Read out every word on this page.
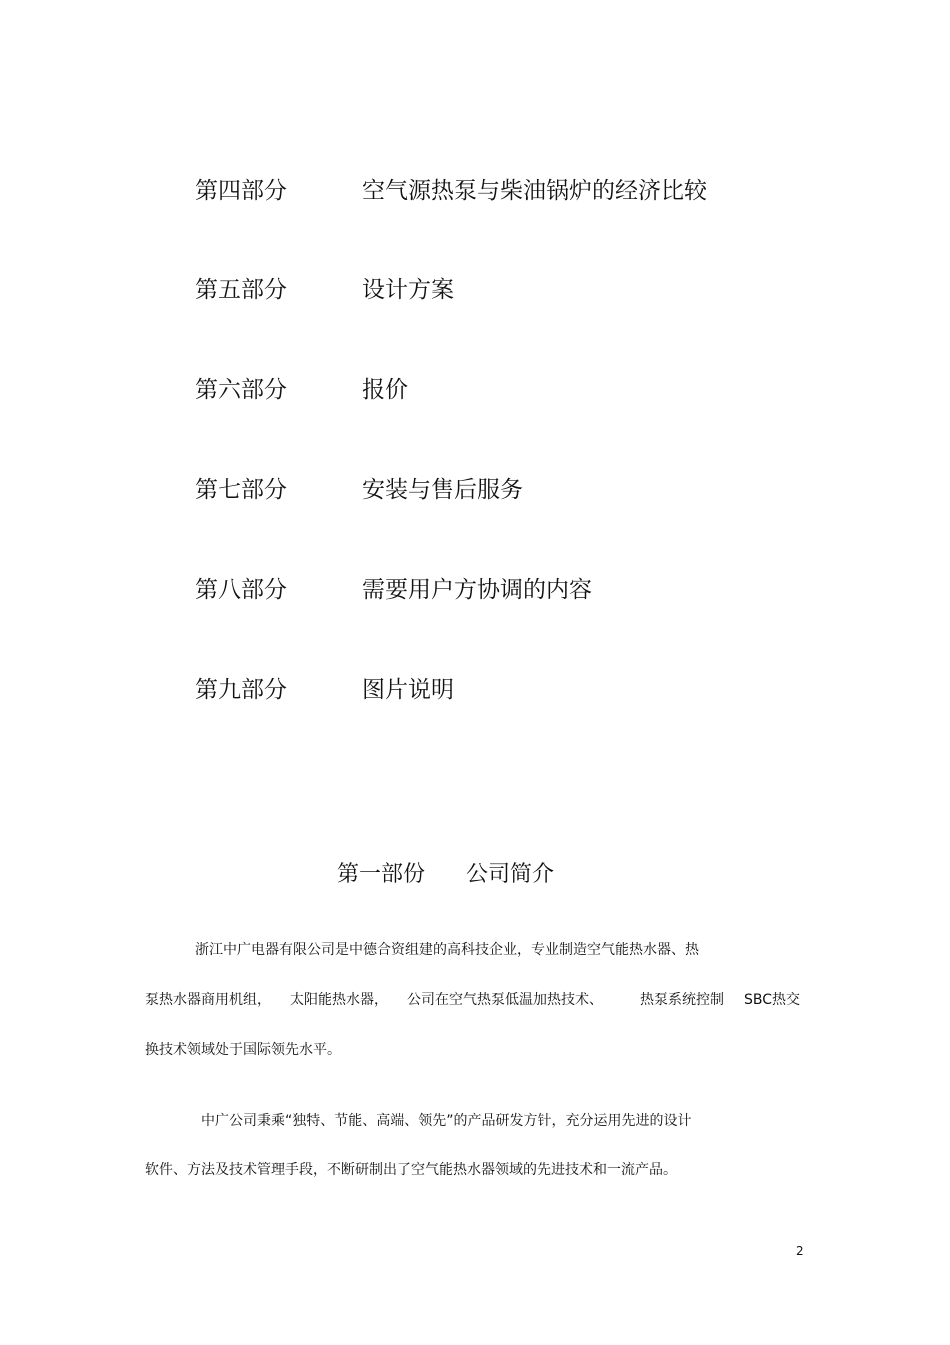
第四部分	空气源热泵与柴油锅炉的经济比较
第五部分	设计方案
第六部分	报价
第七部分	安装与售后服务
第八部分	需要用户方协调的内容
第九部分	图片说明
第一部份 公司简介
浙江中广电器有限公司是中德合资组建的高科技企业，专业制造空气能热水器、热
泵热水器商用机组， 太阳能热水器， 公司在空气热泵低温加热技术、	热泵系统控制 SBC热交
换技术领域处于国际领先水平。
中广公司秉乘“独特、节能、高端、领先”的产品研发方针，充分运用先进的设计
软件、方法及技术管理手段，不断研制出了空气能热水器领域的先进技术和一流产品。
2
